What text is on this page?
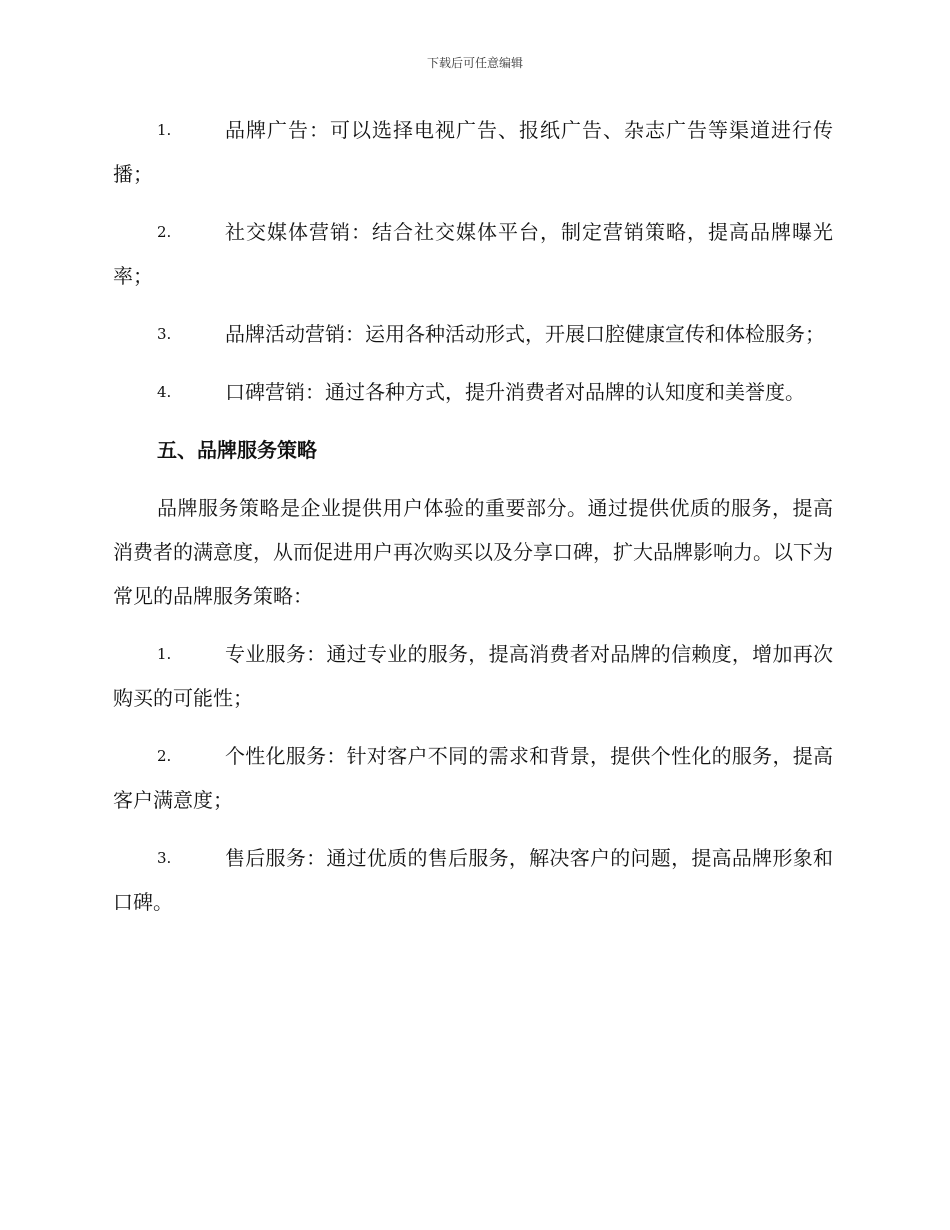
下载后可任意编辑

1.	品牌广告：可以选择电视广告、报纸广告、杂志广告等渠道进行传播；

2.	社交媒体营销：结合社交媒体平台，制定营销策略，提高品牌曝光率；

3.	品牌活动营销：运用各种活动形式，开展口腔健康宣传和体检服务；

4.	口碑营销：通过各种方式，提升消费者对品牌的认知度和美誉度。

五、品牌服务策略

品牌服务策略是企业提供用户体验的重要部分。通过提供优质的服务，提高消费者的满意度，从而促进用户再次购买以及分享口碑，扩大品牌影响力。以下为常见的品牌服务策略：

1.	专业服务：通过专业的服务，提高消费者对品牌的信赖度，增加再次购买的可能性；

2.	个性化服务：针对客户不同的需求和背景，提供个性化的服务，提高客户满意度；

3.	售后服务：通过优质的售后服务，解决客户的问题，提高品牌形象和口碑。
